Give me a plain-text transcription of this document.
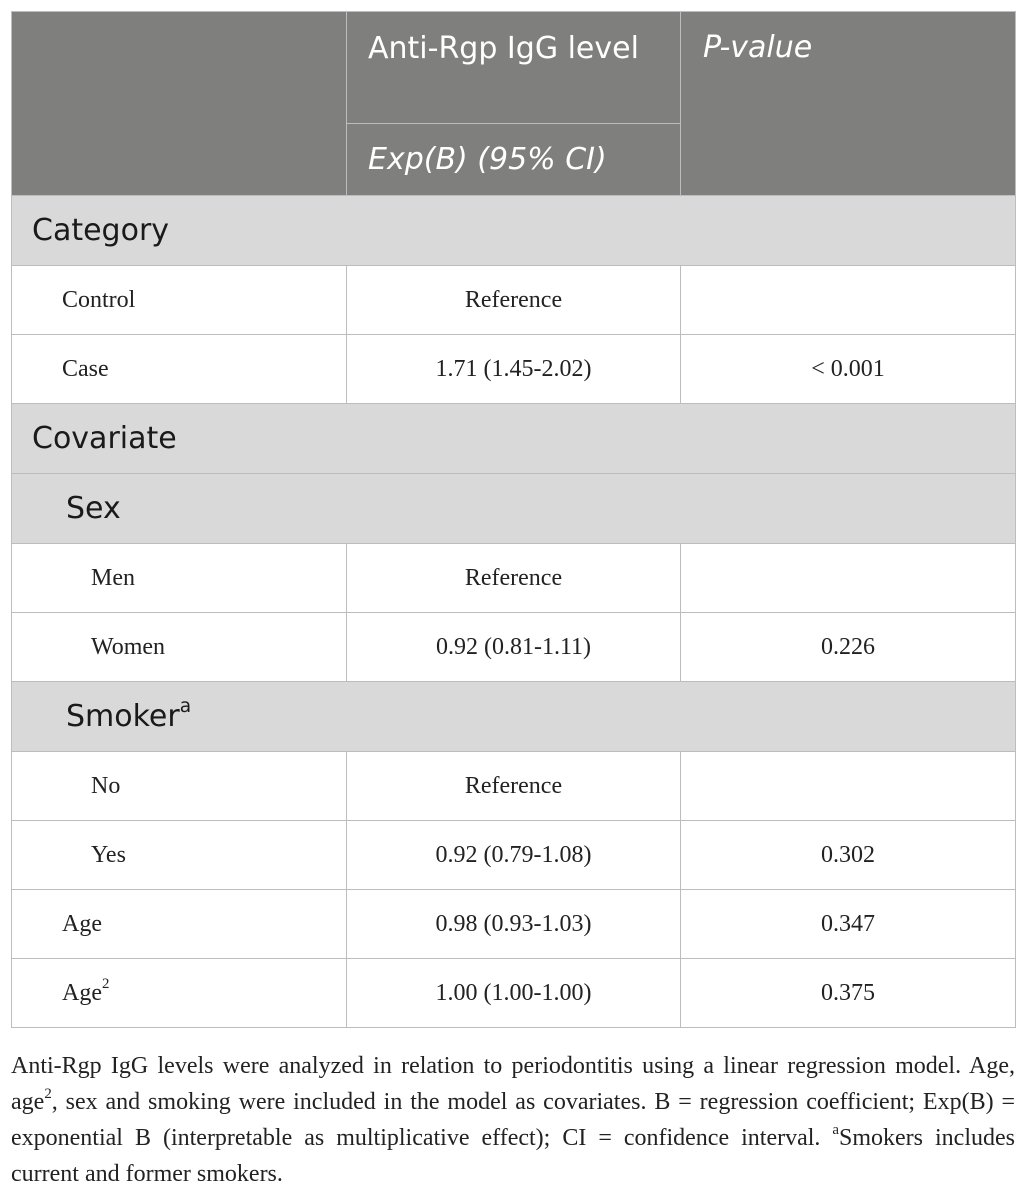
	Anti-Rgp IgG level	P-value
	Exp(B) (95% CI)	
Category		
Control	Reference	
Case	1.71 (1.45-2.02)	< 0.001
Covariate		
Sex		
Men	Reference	
Women	0.92 (0.81-1.11)	0.226
Smoker$^a$
No	Reference	
Yes	0.92 (0.79-1.08)	0.302
Age	0.98 (0.93-1.03)	0.347
Age$^2$	1.00 (1.00-1.00)	0.375
Anti-Rgp IgG levels were analyzed in relation to periodontitis using a linear regression model. Age, age$^2$, sex and smoking were included in the model as covariates. B = regression coefficient; Exp(B) = exponential B (interpretable as multiplicative effect); CI = confidence interval. $^a$Smokers includes current and former smokers.
